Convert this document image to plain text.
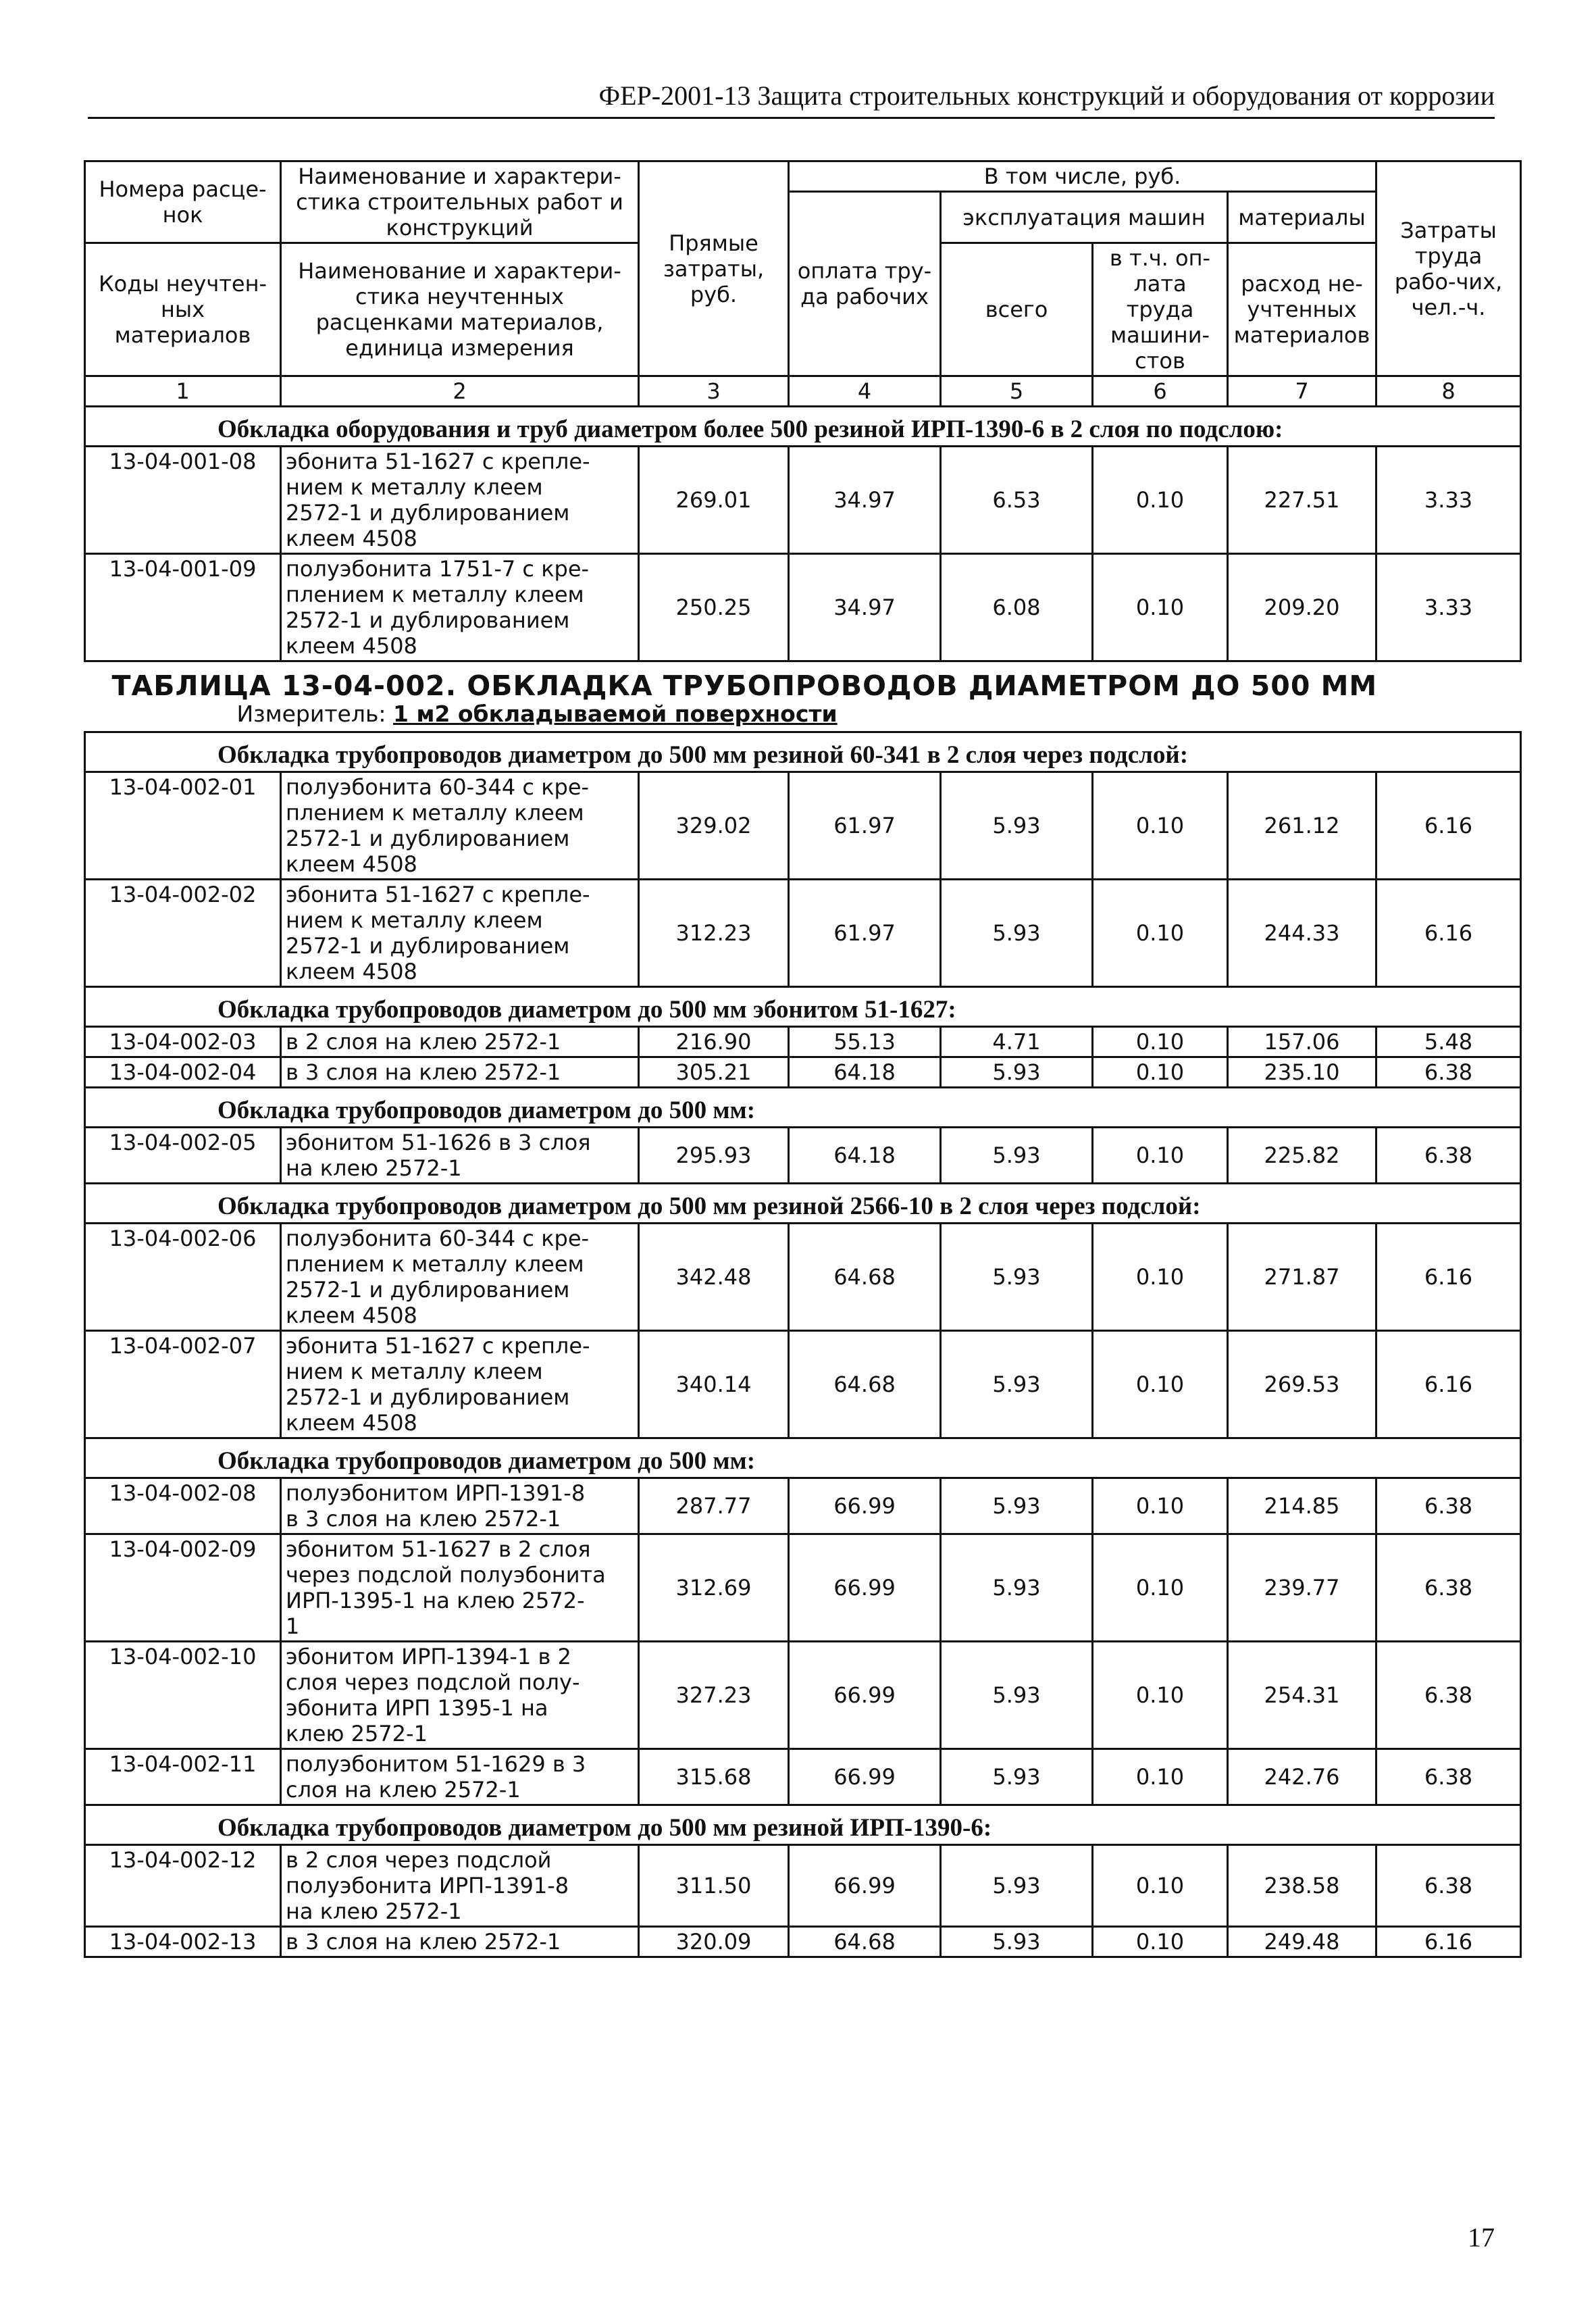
ФЕР-2001-13 Защита строительных конструкций и оборудования от коррозии
Номера расце-нок	Наименование и характери-стика строительных работ и конструкций	Прямые затраты, руб.	В том числе, руб.				Затраты труда рабо-чих, чел.-ч.
			оплата тру-да рабочих	эксплуатация машин		материалы	
Коды неучтен-ных материалов	Наименование и характери-стика неучтенных расценками материалов, единица измерения			всего	в т.ч. оп-лата труда машини-стов	расход не-учтенных материалов	

1	2	3	4	5	6	7	8
Обкладка оборудования и труб диаметром более 500 резиной ИРП-1390-6 в 2 слоя по подслою:							
13-04-001-08	эбонита 51-1627 с крепле-
нием к металлу клеем
2572-1 и дублированием
клеем 4508	269.01	34.97	6.53	0.10	227.51	3.33
13-04-001-09	полуэбонита 1751-7 с кре-
плением к металлу клеем
2572-1 и дублированием
клеем 4508	250.25	34.97	6.08	0.10	209.20	3.33
ТАБЛИЦА 13-04-002. ОБКЛАДКА ТРУБОПРОВОДОВ ДИАМЕТРОМ ДО 500 ММ							
Измеритель: 1 м2 обкладываемой поверхности							
Обкладка трубопроводов диаметром до 500 мм резиной 60-341 в 2 слоя через подслой:							
13-04-002-01	полуэбонита 60-344 с кре-
плением к металлу клеем
2572-1 и дублированием
клеем 4508	329.02	61.97	5.93	0.10	261.12	6.16
13-04-002-02	эбонита 51-1627 с крепле-
нием к металлу клеем
2572-1 и дублированием
клеем 4508	312.23	61.97	5.93	0.10	244.33	6.16
Обкладка трубопроводов диаметром до 500 мм эбонитом 51-1627:							
13-04-002-03	в 2 слоя на клею 2572-1	216.90	55.13	4.71	0.10	157.06	5.48
13-04-002-04	в 3 слоя на клею 2572-1	305.21	64.18	5.93	0.10	235.10	6.38
Обкладка трубопроводов диаметром до 500 мм:							
13-04-002-05	эбонитом 51-1626 в 3 слоя
на клею 2572-1	295.93	64.18	5.93	0.10	225.82	6.38
Обкладка трубопроводов диаметром до 500 мм резиной 2566-10 в 2 слоя через подслой:							
13-04-002-06	полуэбонита 60-344 с кре-
плением к металлу клеем
2572-1 и дублированием
клеем 4508	342.48	64.68	5.93	0.10	271.87	6.16
13-04-002-07	эбонита 51-1627 с крепле-
нием к металлу клеем
2572-1 и дублированием
клеем 4508	340.14	64.68	5.93	0.10	269.53	6.16
Обкладка трубопроводов диаметром до 500 мм:							
13-04-002-08	полуэбонитом ИРП-1391-8
в 3 слоя на клею 2572-1	287.77	66.99	5.93	0.10	214.85	6.38
13-04-002-09	эбонитом 51-1627 в 2 слоя
через подслой полуэбонита
ИРП-1395-1 на клею 2572-
1	312.69	66.99	5.93	0.10	239.77	6.38
13-04-002-10	эбонитом ИРП-1394-1 в 2
слоя через подслой полу-
эбонита ИРП 1395-1 на
клею 2572-1	327.23	66.99	5.93	0.10	254.31	6.38
13-04-002-11	полуэбонитом 51-1629 в 3
слоя на клею 2572-1	315.68	66.99	5.93	0.10	242.76	6.38
Обкладка трубопроводов диаметром до 500 мм резиной ИРП-1390-6:							
13-04-002-12	в 2 слоя через подслой
полуэбонита ИРП-1391-8
на клею 2572-1	311.50	66.99	5.93	0.10	238.58	6.38
13-04-002-13	в 3 слоя на клею 2572-1	320.09	64.68	5.93	0.10	249.48	6.16
17
